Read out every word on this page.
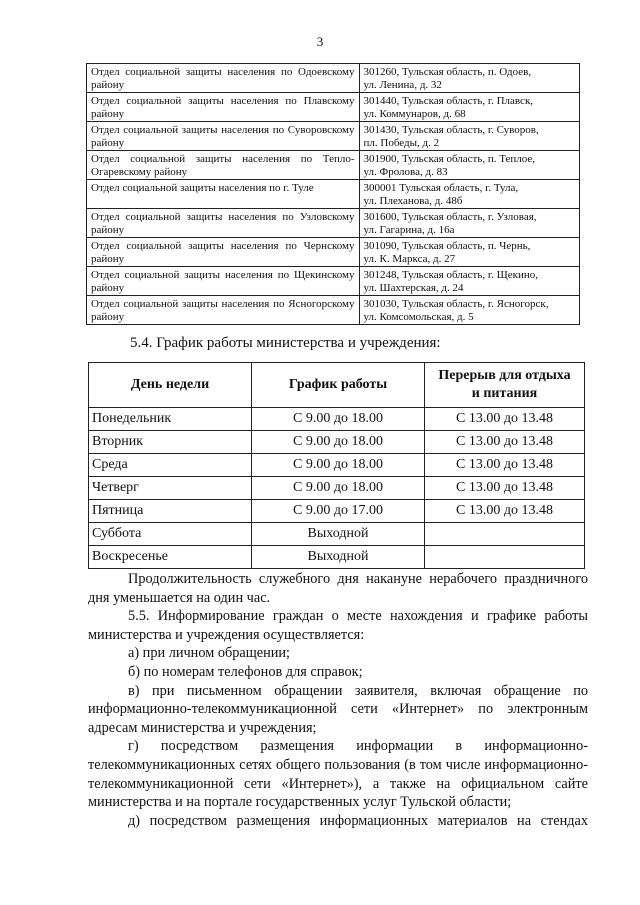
3
Отдел социальной защиты населения по Одоевскому району	301260, Тульская область, п. Одоев,
ул. Ленина, д. 32

Отдел социальной защиты населения по Плавскому району	301440, Тульская область, г. Плавск,
ул. Коммунаров, д. 68

Отдел социальной защиты населения по Суворовскому району	301430, Тульская область, г. Суворов,
пл. Победы, д. 2

Отдел социальной защиты населения по Тепло-Огаревскому району	301900, Тульская область, п. Теплое,
ул. Фролова, д. 83

Отдел социальной защиты населения по г. Туле	300001 Тульская область, г. Тула,
ул. Плеханова, д. 48б

Отдел социальной защиты населения по Узловскому району	301600, Тульская область, г. Узловая,
ул. Гагарина, д. 16а

Отдел социальной защиты населения по Чернскому району	301090, Тульская область, п. Чернь,
ул. К. Маркса, д. 27

Отдел социальной защиты населения по Щекинскому району	301248, Тульская область, г. Щекино,
ул. Шахтерская, д. 24

Отдел социальной защиты населения по Ясногорскому району	301030, Тульская область, г. Ясногорск,
ул. Комсомольская, д. 5
5.4. График работы министерства и учреждения:
День недели	График работы	Перерыв для отдыха
и питания
Понедельник	С 9.00 до 18.00	С 13.00 до 13.48
Вторник	С 9.00 до 18.00	С 13.00 до 13.48
Среда	С 9.00 до 18.00	С 13.00 до 13.48
Четверг	С 9.00 до 18.00	С 13.00 до 13.48
Пятница	С 9.00 до 17.00	С 13.00 до 13.48
Суббота	Выходной	
Воскресенье	Выходной	

Продолжительность служебного дня накануне нерабочего праздничного дня уменьшается на один час.

5.5. Информирование граждан о месте нахождения и графике работы министерства и учреждения осуществляется:

а) при личном обращении;

б) по номерам телефонов для справок;

в) при письменном обращении заявителя, включая обращение по информационно-телекоммуникационной сети «Интернет» по электронным адресам министерства и учреждения;

г) посредством размещения информации в информационно-телекоммуникационных сетях общего пользования (в том числе информационно-телекоммуникационной сети «Интернет»), а также на официальном сайте министерства и на портале государственных услуг Тульской области;

д) посредством размещения информационных материалов на стендах
